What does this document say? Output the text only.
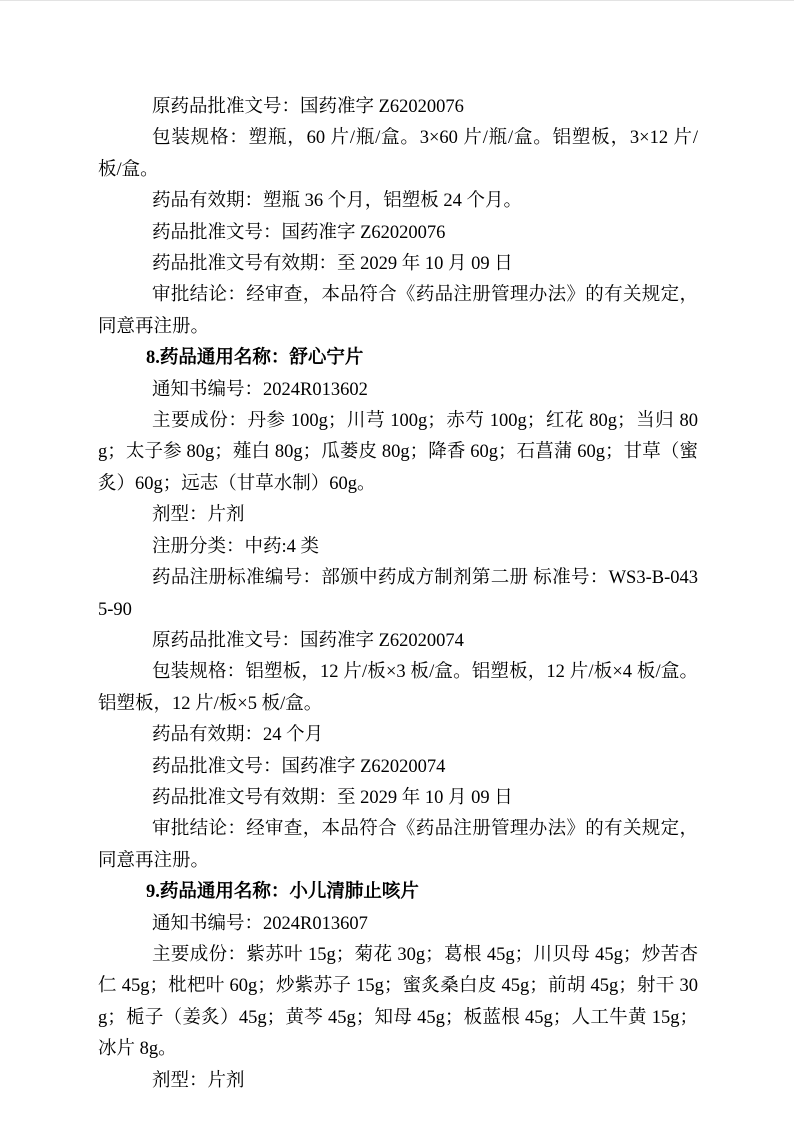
原药品批准文号：国药准字 Z62020076

包装规格：塑瓶，60 片/瓶/盒。3×60 片/瓶/盒。铝塑板，3×12 片/板/盒。

药品有效期：塑瓶 36 个月，铝塑板 24 个月。

药品批准文号：国药准字 Z62020076

药品批准文号有效期：至 2029 年 10 月 09 日

审批结论：经审查，本品符合《药品注册管理办法》的有关规定，同意再注册。

8.药品通用名称：舒心宁片

通知书编号：2024R013602

主要成份：丹参 100g；川芎 100g；赤芍 100g；红花 80g；当归 80g；太子参 80g；薤白 80g；瓜蒌皮 80g；降香 60g；石菖蒲 60g；甘草（蜜炙）60g；远志（甘草水制）60g。

剂型：片剂

注册分类：中药:4 类

药品注册标准编号：部颁中药成方制剂第二册 标准号：WS3-B-0435-90

原药品批准文号：国药准字 Z62020074

包装规格：铝塑板，12 片/板×3 板/盒。铝塑板，12 片/板×4 板/盒。铝塑板，12 片/板×5 板/盒。

药品有效期：24 个月

药品批准文号：国药准字 Z62020074

药品批准文号有效期：至 2029 年 10 月 09 日

审批结论：经审查，本品符合《药品注册管理办法》的有关规定，同意再注册。

9.药品通用名称：小儿清肺止咳片

通知书编号：2024R013607

主要成份：紫苏叶 15g；菊花 30g；葛根 45g；川贝母 45g；炒苦杏仁 45g；枇杷叶 60g；炒紫苏子 15g；蜜炙桑白皮 45g；前胡 45g；射干 30g；栀子（姜炙）45g；黄芩 45g；知母 45g；板蓝根 45g；人工牛黄 15g；冰片 8g。

剂型：片剂
